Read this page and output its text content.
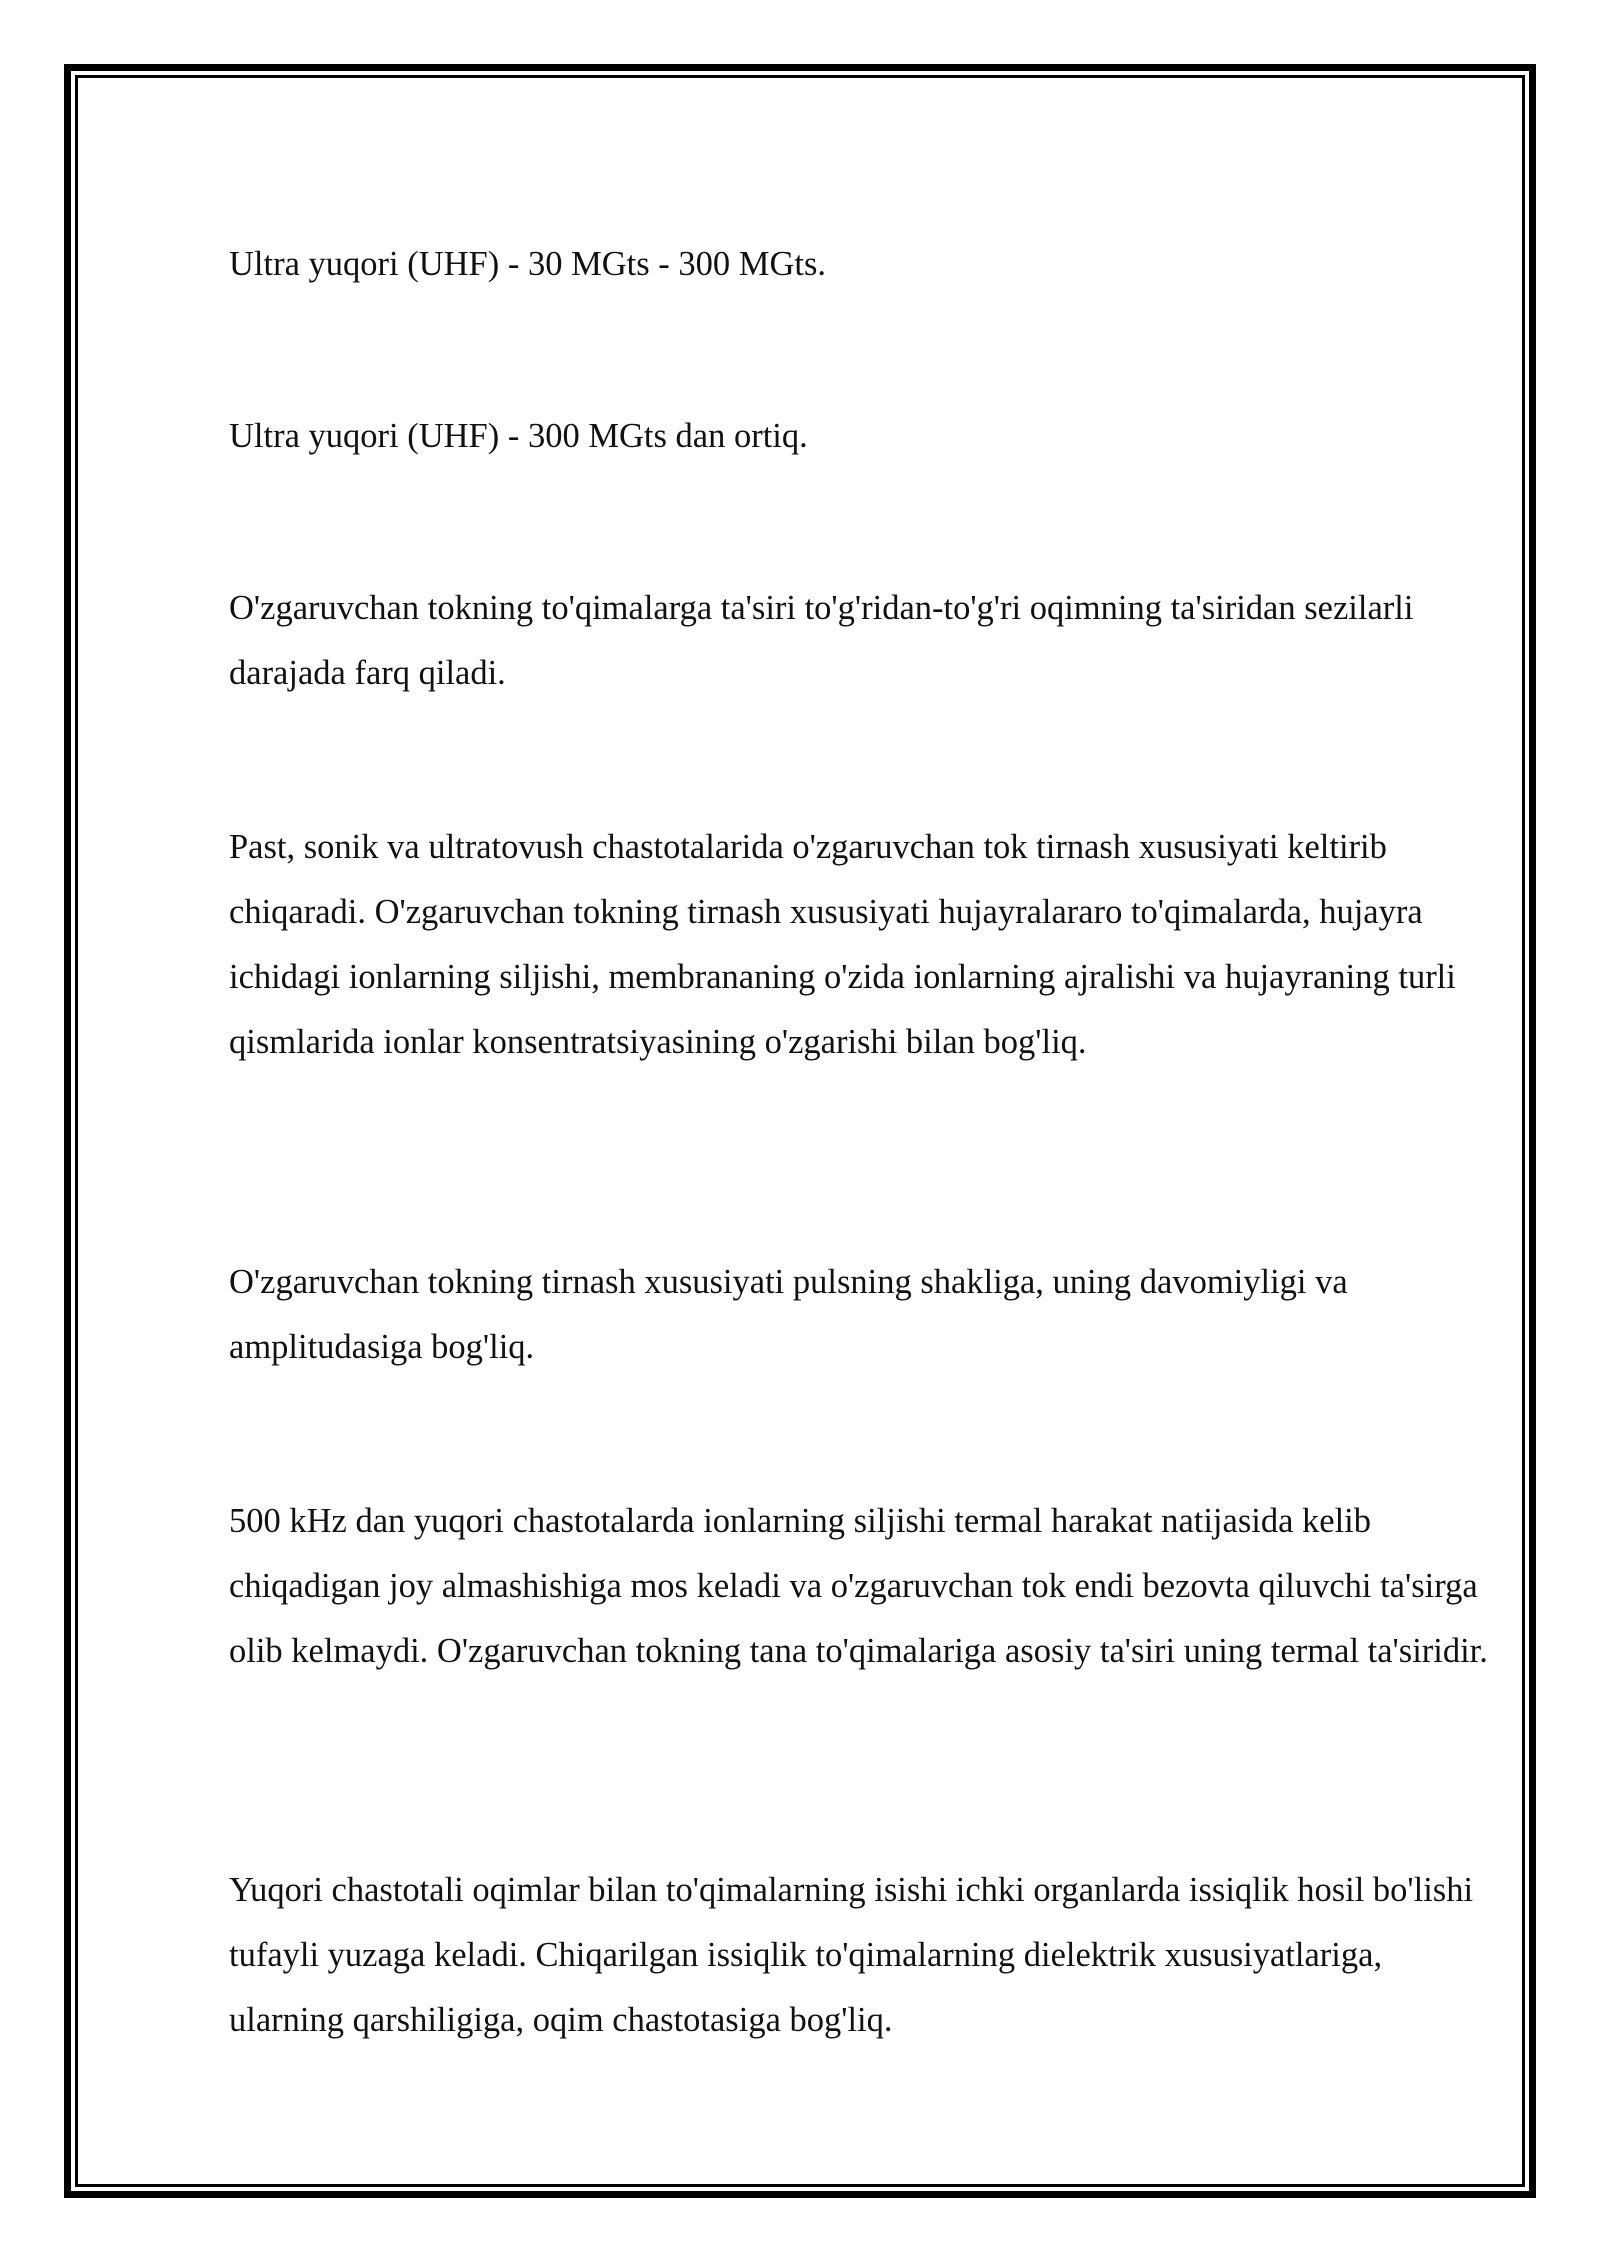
Ultra yuqori (UHF) - 30 MGts - 300 MGts.

Ultra yuqori (UHF) - 300 MGts dan ortiq.

O'zgaruvchan tokning to'qimalarga ta'siri to'g'ridan-to'g'ri oqimning ta'siridan sezilarli darajada farq qiladi.

Past, sonik va ultratovush chastotalarida o'zgaruvchan tok tirnash xususiyati keltirib chiqaradi. O'zgaruvchan tokning tirnash xususiyati hujayralararo to'qimalarda, hujayra ichidagi ionlarning siljishi, membrananing o'zida ionlarning ajralishi va hujayraning turli qismlarida ionlar konsentratsiyasining o'zgarishi bilan bog'liq.

O'zgaruvchan tokning tirnash xususiyati pulsning shakliga, uning davomiyligi va amplitudasiga bog'liq.

500 kHz dan yuqori chastotalarda ionlarning siljishi termal harakat natijasida kelib chiqadigan joy almashishiga mos keladi va o'zgaruvchan tok endi bezovta qiluvchi ta'sirga olib kelmaydi. O'zgaruvchan tokning tana to'qimalariga asosiy ta'siri uning termal ta'siridir.

Yuqori chastotali oqimlar bilan to'qimalarning isishi ichki organlarda issiqlik hosil bo'lishi tufayli yuzaga keladi. Chiqarilgan issiqlik to'qimalarning dielektrik xususiyatlariga, ularning qarshiligiga, oqim chastotasiga bog'liq.
